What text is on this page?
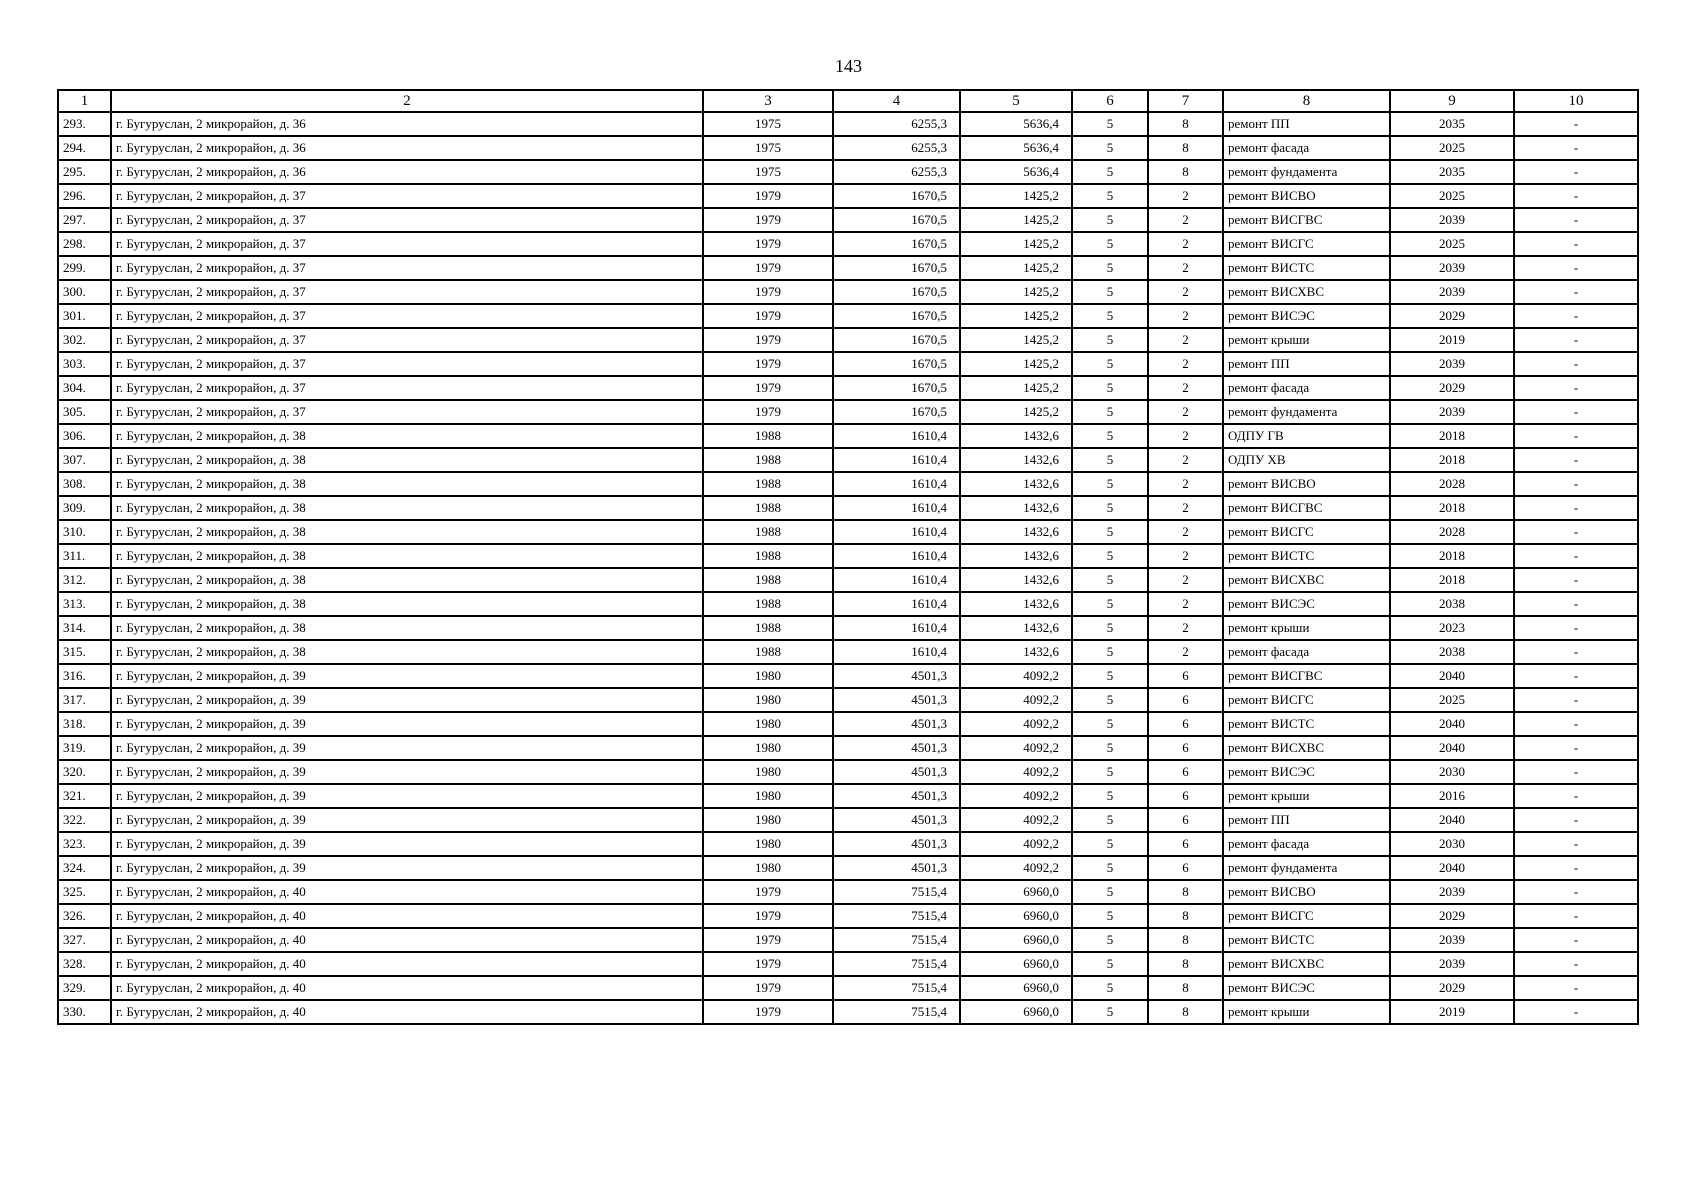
143
1	2	3	4	5	6	7	8	9	10
293.	г. Бугуруслан, 2 микрорайон, д. 36	1975	6255,3	5636,4	5	8	ремонт ПП	2035	-
294.	г. Бугуруслан, 2 микрорайон, д. 36	1975	6255,3	5636,4	5	8	ремонт фасада	2025	-
295.	г. Бугуруслан, 2 микрорайон, д. 36	1975	6255,3	5636,4	5	8	ремонт фундамента	2035	-
296.	г. Бугуруслан, 2 микрорайон, д. 37	1979	1670,5	1425,2	5	2	ремонт ВИСВО	2025	-
297.	г. Бугуруслан, 2 микрорайон, д. 37	1979	1670,5	1425,2	5	2	ремонт ВИСГВС	2039	-
298.	г. Бугуруслан, 2 микрорайон, д. 37	1979	1670,5	1425,2	5	2	ремонт ВИСГС	2025	-
299.	г. Бугуруслан, 2 микрорайон, д. 37	1979	1670,5	1425,2	5	2	ремонт ВИСТС	2039	-
300.	г. Бугуруслан, 2 микрорайон, д. 37	1979	1670,5	1425,2	5	2	ремонт ВИСХВС	2039	-
301.	г. Бугуруслан, 2 микрорайон, д. 37	1979	1670,5	1425,2	5	2	ремонт ВИСЭС	2029	-
302.	г. Бугуруслан, 2 микрорайон, д. 37	1979	1670,5	1425,2	5	2	ремонт крыши	2019	-
303.	г. Бугуруслан, 2 микрорайон, д. 37	1979	1670,5	1425,2	5	2	ремонт ПП	2039	-
304.	г. Бугуруслан, 2 микрорайон, д. 37	1979	1670,5	1425,2	5	2	ремонт фасада	2029	-
305.	г. Бугуруслан, 2 микрорайон, д. 37	1979	1670,5	1425,2	5	2	ремонт фундамента	2039	-
306.	г. Бугуруслан, 2 микрорайон, д. 38	1988	1610,4	1432,6	5	2	ОДПУ ГВ	2018	-
307.	г. Бугуруслан, 2 микрорайон, д. 38	1988	1610,4	1432,6	5	2	ОДПУ ХВ	2018	-
308.	г. Бугуруслан, 2 микрорайон, д. 38	1988	1610,4	1432,6	5	2	ремонт ВИСВО	2028	-
309.	г. Бугуруслан, 2 микрорайон, д. 38	1988	1610,4	1432,6	5	2	ремонт ВИСГВС	2018	-
310.	г. Бугуруслан, 2 микрорайон, д. 38	1988	1610,4	1432,6	5	2	ремонт ВИСГС	2028	-
311.	г. Бугуруслан, 2 микрорайон, д. 38	1988	1610,4	1432,6	5	2	ремонт ВИСТС	2018	-
312.	г. Бугуруслан, 2 микрорайон, д. 38	1988	1610,4	1432,6	5	2	ремонт ВИСХВС	2018	-
313.	г. Бугуруслан, 2 микрорайон, д. 38	1988	1610,4	1432,6	5	2	ремонт ВИСЭС	2038	-
314.	г. Бугуруслан, 2 микрорайон, д. 38	1988	1610,4	1432,6	5	2	ремонт крыши	2023	-
315.	г. Бугуруслан, 2 микрорайон, д. 38	1988	1610,4	1432,6	5	2	ремонт фасада	2038	-
316.	г. Бугуруслан, 2 микрорайон, д. 39	1980	4501,3	4092,2	5	6	ремонт ВИСГВС	2040	-
317.	г. Бугуруслан, 2 микрорайон, д. 39	1980	4501,3	4092,2	5	6	ремонт ВИСГС	2025	-
318.	г. Бугуруслан, 2 микрорайон, д. 39	1980	4501,3	4092,2	5	6	ремонт ВИСТС	2040	-
319.	г. Бугуруслан, 2 микрорайон, д. 39	1980	4501,3	4092,2	5	6	ремонт ВИСХВС	2040	-
320.	г. Бугуруслан, 2 микрорайон, д. 39	1980	4501,3	4092,2	5	6	ремонт ВИСЭС	2030	-
321.	г. Бугуруслан, 2 микрорайон, д. 39	1980	4501,3	4092,2	5	6	ремонт крыши	2016	-
322.	г. Бугуруслан, 2 микрорайон, д. 39	1980	4501,3	4092,2	5	6	ремонт ПП	2040	-
323.	г. Бугуруслан, 2 микрорайон, д. 39	1980	4501,3	4092,2	5	6	ремонт фасада	2030	-
324.	г. Бугуруслан, 2 микрорайон, д. 39	1980	4501,3	4092,2	5	6	ремонт фундамента	2040	-
325.	г. Бугуруслан, 2 микрорайон, д. 40	1979	7515,4	6960,0	5	8	ремонт ВИСВО	2039	-
326.	г. Бугуруслан, 2 микрорайон, д. 40	1979	7515,4	6960,0	5	8	ремонт ВИСГС	2029	-
327.	г. Бугуруслан, 2 микрорайон, д. 40	1979	7515,4	6960,0	5	8	ремонт ВИСТС	2039	-
328.	г. Бугуруслан, 2 микрорайон, д. 40	1979	7515,4	6960,0	5	8	ремонт ВИСХВС	2039	-
329.	г. Бугуруслан, 2 микрорайон, д. 40	1979	7515,4	6960,0	5	8	ремонт ВИСЭС	2029	-
330.	г. Бугуруслан, 2 микрорайон, д. 40	1979	7515,4	6960,0	5	8	ремонт крыши	2019	-
